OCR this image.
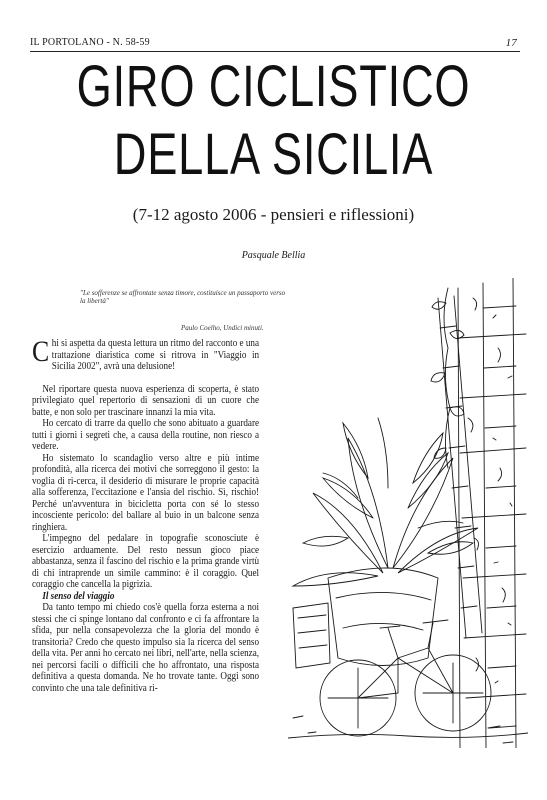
IL PORTOLANO - N. 58-59	17
GIRO CICLISTICO
DELLA SICILIA
(7-12 agosto 2006 - pensieri e riflessioni)
Pasquale Bellia
"Le sofferenze se affrontate senza timore, costituisce un passaporto verso la libertà"
Paulo Coelho, Undici minuti.

Chi si aspetta da questa lettura un ritmo del racconto e una trattazione diaristica come si ritrova in "Viaggio in Sicilia 2002", avrà una delusione!

Nel riportare questa nuova esperienza di scoperta, è stato privilegiato quel repertorio di sensazioni di un cuore che batte, e non solo per trascinare innanzi la mia vita.

Ho cercato di trarre da quello che sono abituato a guardare tutti i giorni i segreti che, a causa della routine, non riesco a vedere.

Ho sistemato lo scandaglio verso altre e più intime profondità, alla ricerca dei motivi che sorreggono il gesto: la voglia di ri-cerca, il desiderio di misurare le proprie capacità alla sofferenza, l'eccitazione e l'ansia del rischio. Sì, rischio! Perché un'avventura in bicicletta porta con sé lo stesso incosciente pericolo: del ballare al buio in un balcone senza ringhiera.

L'impegno del pedalare in topografie sconosciute è esercizio arduamente. Del resto nessun gioco piace abbastanza, senza il fascino del rischio e la prima grande virtù di chi intraprende un simile cammino: è il coraggio. Quel coraggio che cancella la pigrizia.

Il senso del viaggio

Da tanto tempo mi chiedo cos'è quella forza esterna a noi stessi che ci spinge lontano dal confronto e ci fa affrontare la sfida, pur nella consapevolezza che la gloria del mondo è transitoria? Credo che questo impulso sia la ricerca del senso della vita. Per anni ho cercato nei libri, nell'arte, nella scienza, nei percorsi facili o difficili che ho affrontato, una risposta definitiva a questa domanda. Ne ho trovate tante. Oggi sono convinto che una tale definitiva ri-
